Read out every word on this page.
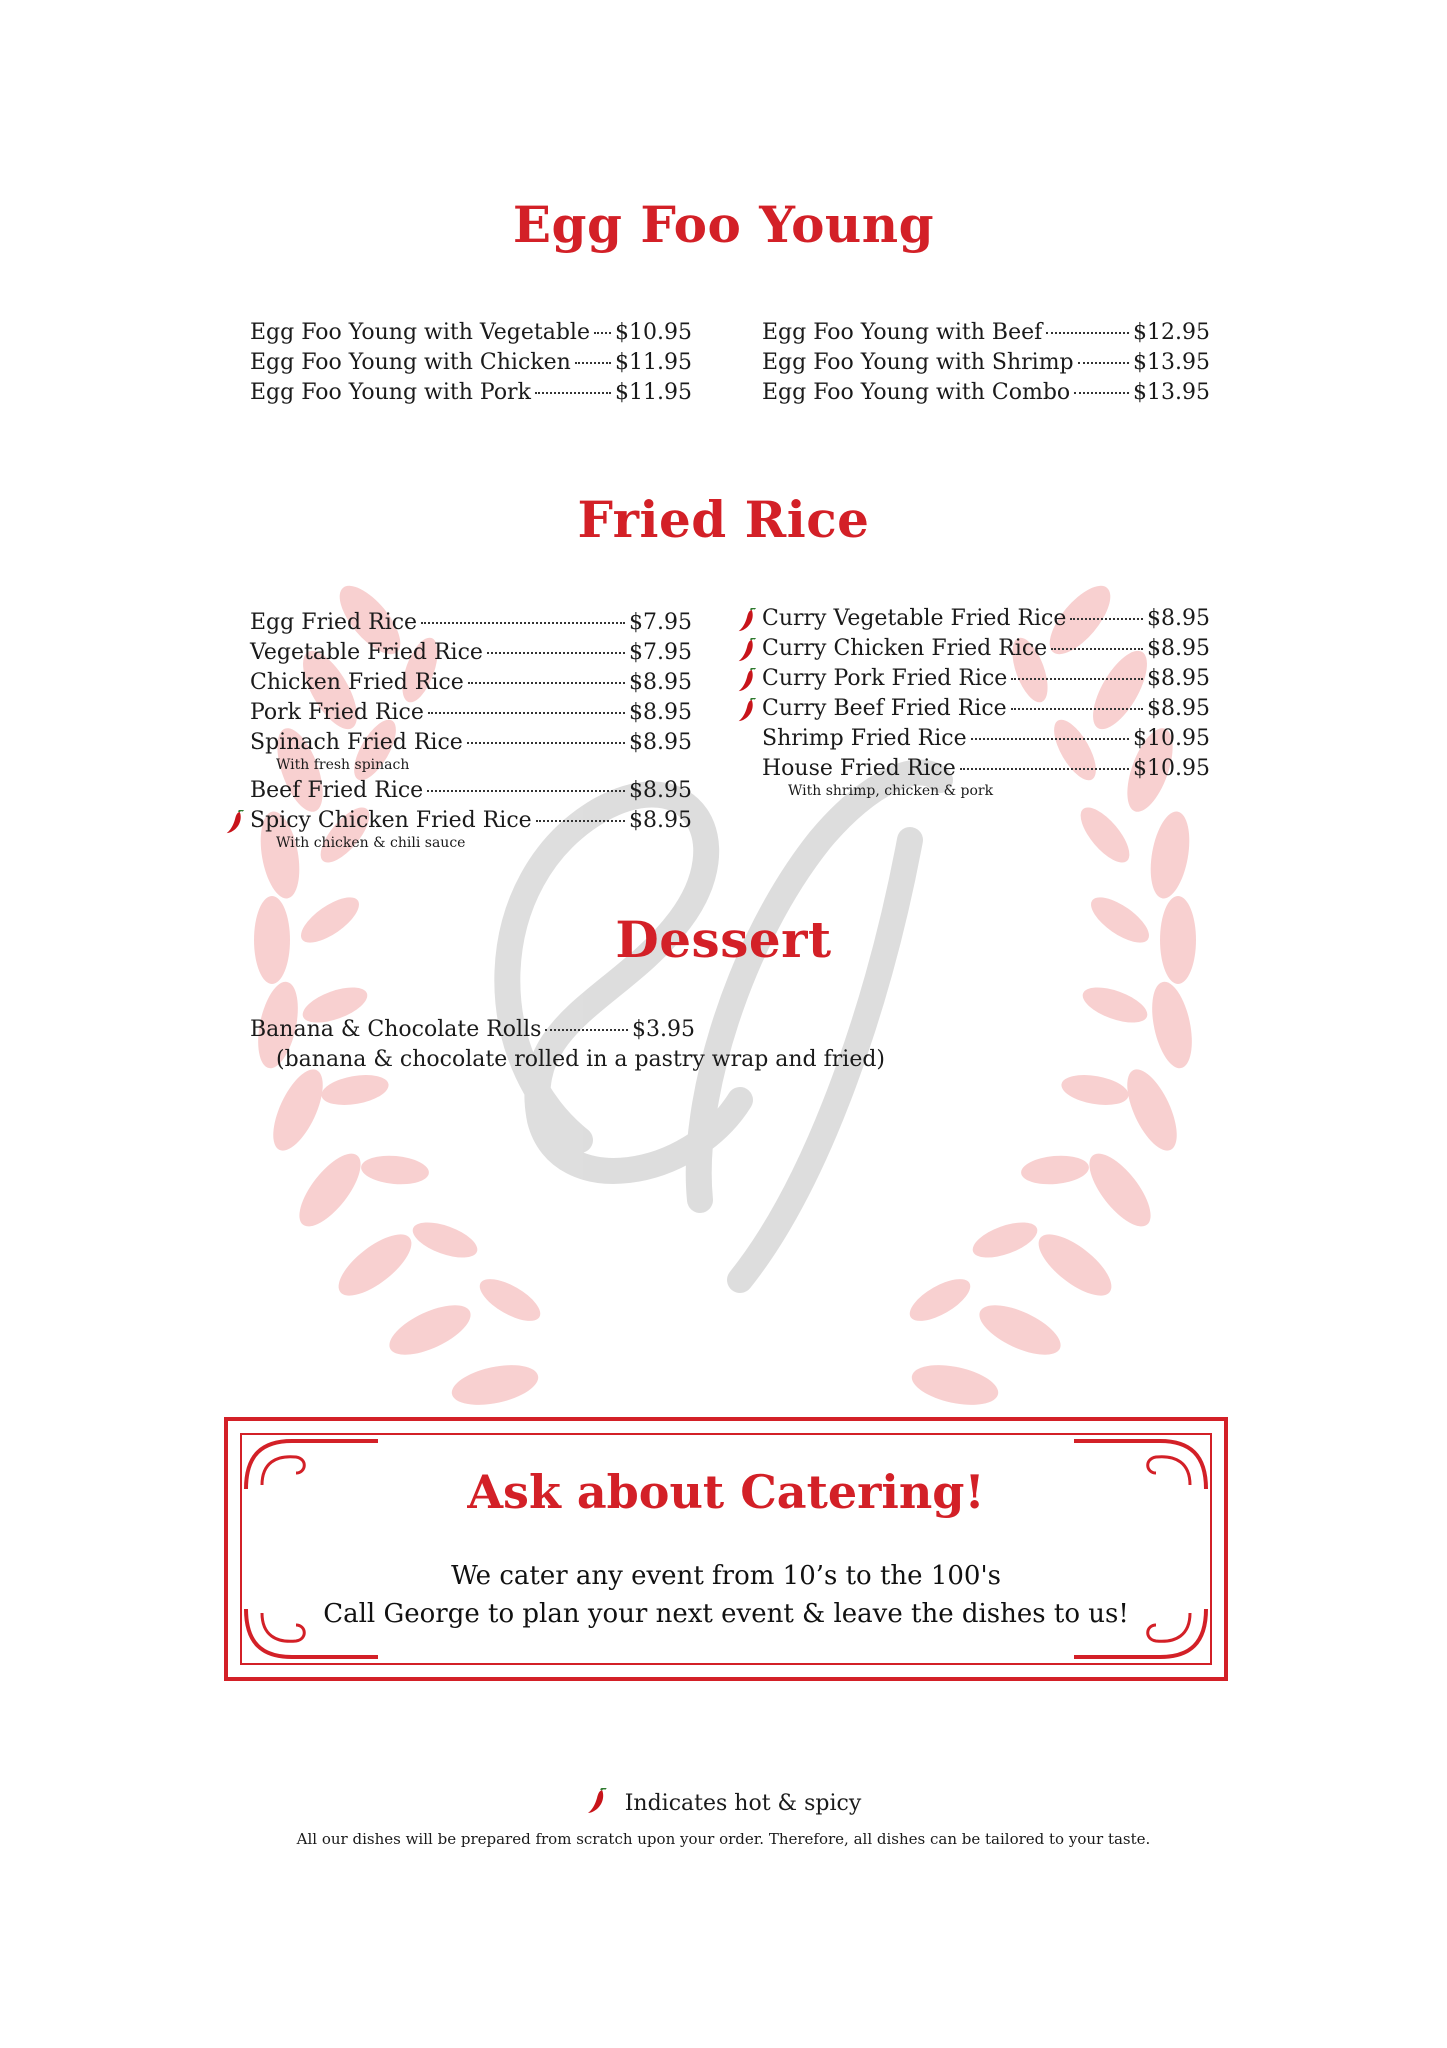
Egg Foo Young
Egg Foo Young with Vegetable $10.95
Egg Foo Young with Chicken $11.95
Egg Foo Young with Pork	$11.95
Egg Foo Young with Beef	$12.95
Egg Foo Young with Shrimp	$13.95
Egg Foo Young with Combo	$13.95
Fried Rice
Egg Fried Rice	$7.95
Vegetable Fried Rice	$7.95
Chicken Fried Rice	$8.95
Pork Fried Rice	$8.95
Spinach Fried Rice	$8.95
With fresh spinach
Beef Fried Rice	$8.95
Spicy Chicken Fried Rice	$8.95
With chicken & chili sauce
Curry Vegetable Fried Rice	$8.95
Curry Chicken Fried Rice	$8.95
Curry Pork Fried Rice	$8.95
Curry Beef Fried Rice	$8.95
Shrimp Fried Rice	$10.95
House Fried Rice	$10.95
With shrimp, chicken & pork
Dessert
Banana & Chocolate Rolls	$3.95
(banana & chocolate rolled in a pastry wrap and fried)
Ask about Catering!
We cater any event from 10’s to the 100's
Call George to plan your next event & leave the dishes to us!
Indicates hot & spicy
All our dishes will be prepared from scratch upon your order. Therefore, all dishes can be tailored to your taste.
